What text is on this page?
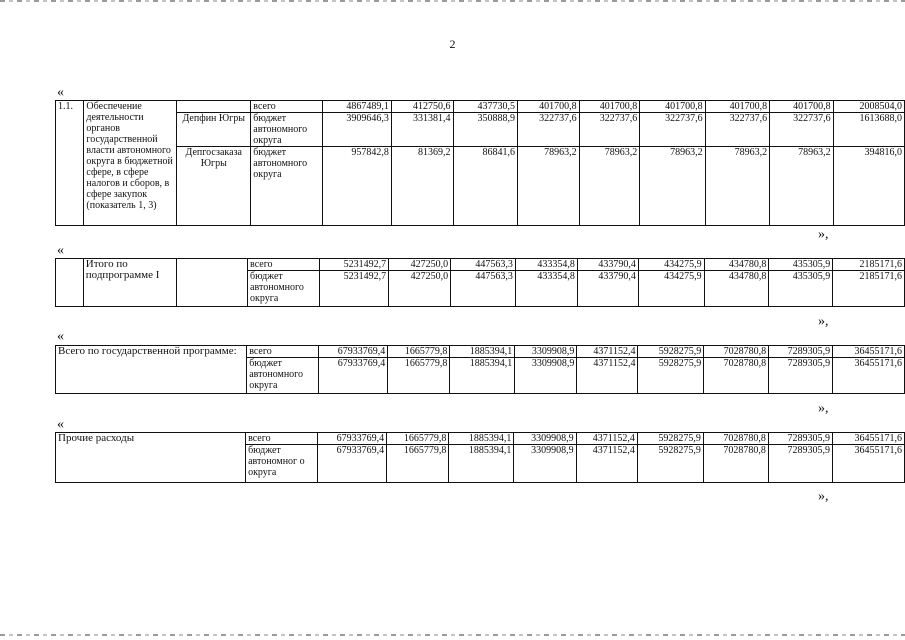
2
«
1.1.	Обеспечение деятельности органов государственной власти автономного округа в бюджетной сфере, в сфере налогов и сборов, в сфере закупок (показатель 1, 3)		всего	4867489,1	412750,6	437730,5	401700,8	401700,8	401700,8	401700,8	401700,8	2008504,0
		Депфин Югры	бюджет автономного округа	3909646,3	331381,4	350888,9	322737,6	322737,6	322737,6	322737,6	322737,6	1613688,0
		Депгосзаказа Югры	бюджет автономного округа	957842,8	81369,2	86841,6	78963,2	78963,2	78963,2	78963,2	78963,2	394816,0
»,
«
	Итого по подпрограмме I		всего	5231492,7	427250,0	447563,3	433354,8	433790,4	434275,9	434780,8	435305,9	2185171,6
			бюджет автономного округа	5231492,7	427250,0	447563,3	433354,8	433790,4	434275,9	434780,8	435305,9	2185171,6
»,
«
Всего по государственной программе:	всего	67933769,4	1665779,8	1885394,1	3309908,9	4371152,4	5928275,9	7028780,8	7289305,9	36455171,6
	бюджет автономного округа	67933769,4	1665779,8	1885394,1	3309908,9	4371152,4	5928275,9	7028780,8	7289305,9	36455171,6
»,
«
Прочие расходы	всего	67933769,4	1665779,8	1885394,1	3309908,9	4371152,4	5928275,9	7028780,8	7289305,9	36455171,6
	бюджет автономног о округа	67933769,4	1665779,8	1885394,1	3309908,9	4371152,4	5928275,9	7028780,8	7289305,9	36455171,6
»,
